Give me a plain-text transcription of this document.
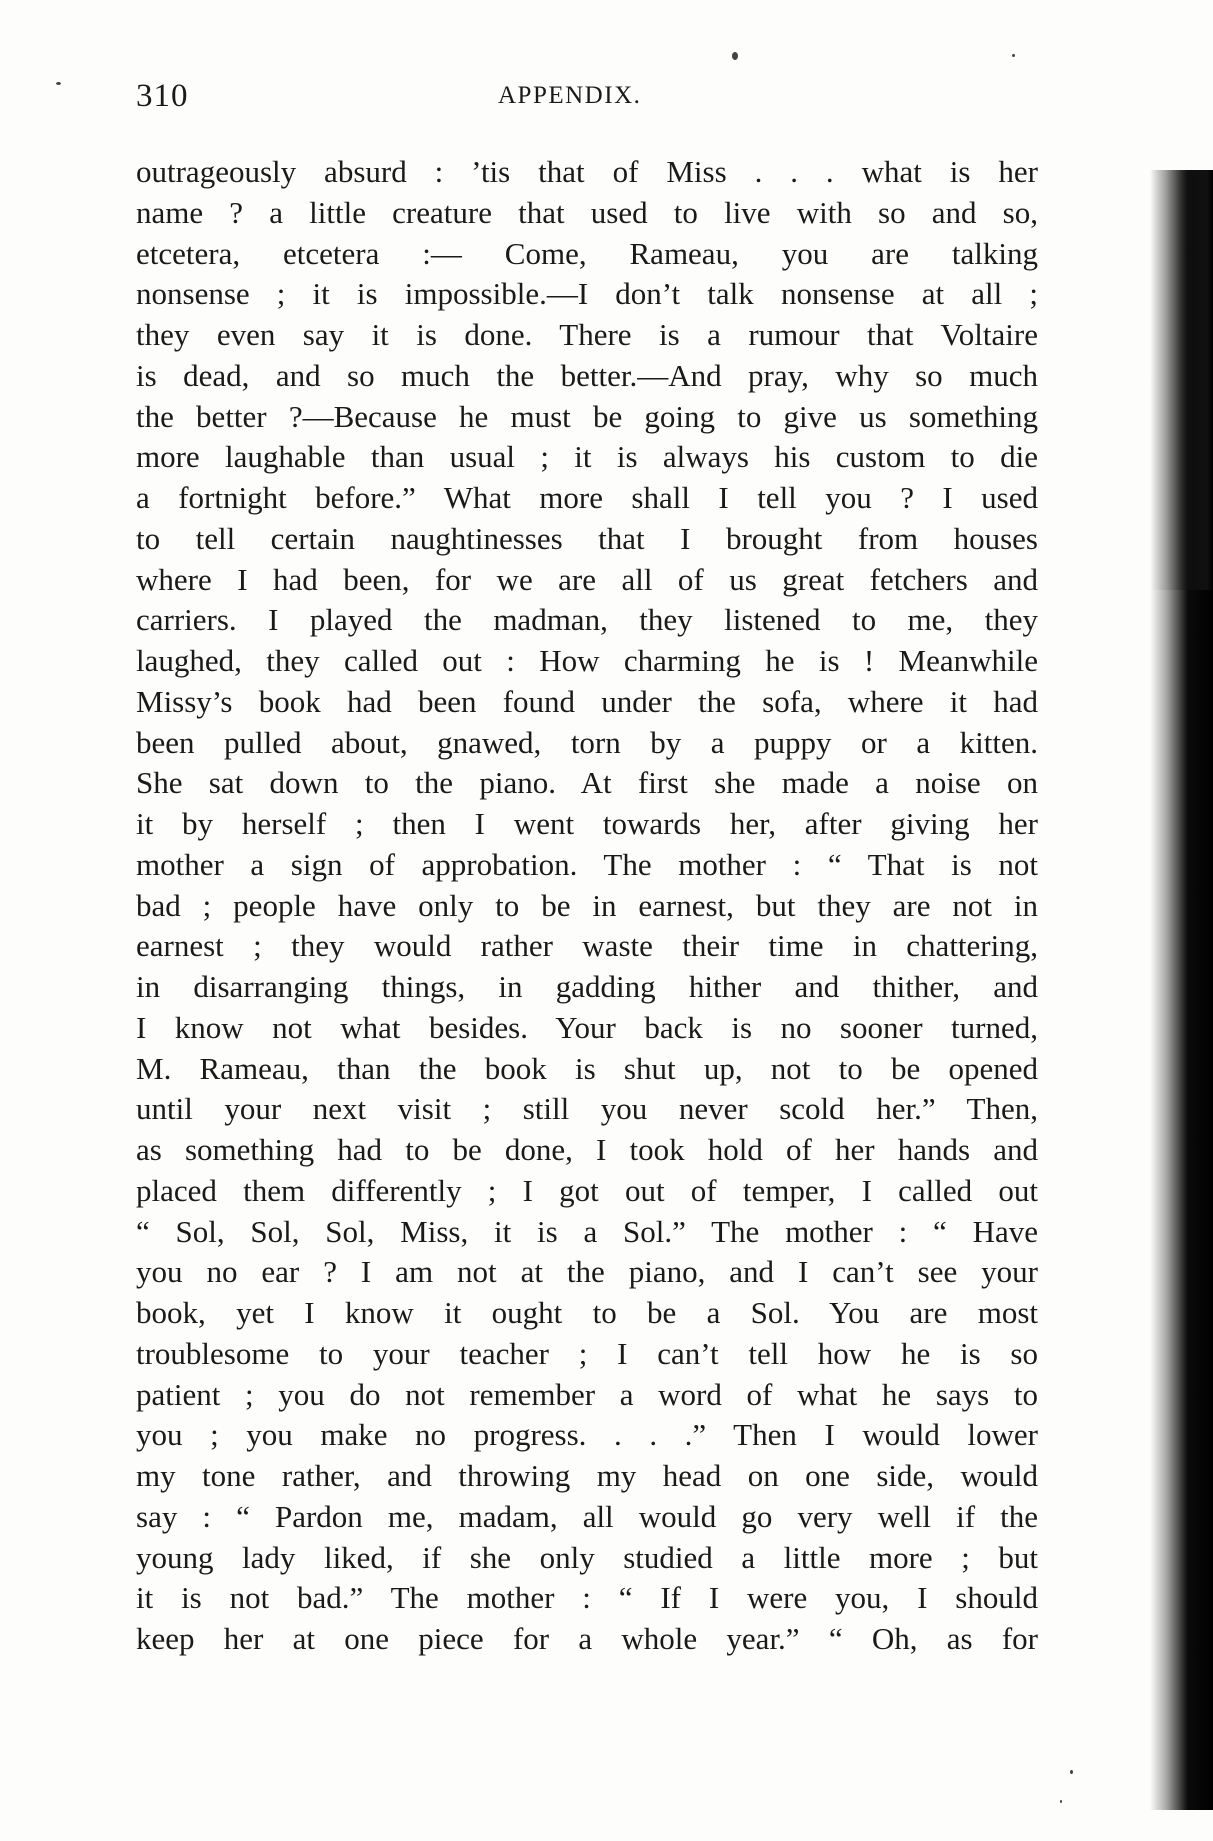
310	APPENDIX.
outrageously absurd : ’tis that of Miss . . . what is her
name ? a little creature that used to live with so and so,
etcetera, etcetera :— Come, Rameau, you are talking
nonsense ; it is impossible.—I don’t talk nonsense at all ;
they even say it is done. There is a rumour that Voltaire
is dead, and so much the better.—And pray, why so much
the better ?—Because he must be going to give us something
more laughable than usual ; it is always his custom to die
a fortnight before.” What more shall I tell you ? I used
to tell certain naughtinesses that I brought from houses
where I had been, for we are all of us great fetchers and
carriers. I played the madman, they listened to me, they
laughed, they called out : How charming he is ! Meanwhile
Missy’s book had been found under the sofa, where it had
been pulled about, gnawed, torn by a puppy or a kitten.
She sat down to the piano. At first she made a noise on
it by herself ; then I went towards her, after giving her
mother a sign of approbation. The mother : “ That is not
bad ; people have only to be in earnest, but they are not in
earnest ; they would rather waste their time in chattering,
in disarranging things, in gadding hither and thither, and
I know not what besides. Your back is no sooner turned,
M. Rameau, than the book is shut up, not to be opened
until your next visit ; still you never scold her.” Then,
as something had to be done, I took hold of her hands and
placed them differently ; I got out of temper, I called out
“ Sol, Sol, Sol, Miss, it is a Sol.” The mother : “ Have
you no ear ? I am not at the piano, and I can’t see your
book, yet I know it ought to be a Sol. You are most
troublesome to your teacher ; I can’t tell how he is so
patient ; you do not remember a word of what he says to
you ; you make no progress. . . .” Then I would lower
my tone rather, and throwing my head on one side, would
say : “ Pardon me, madam, all would go very well if the
young lady liked, if she only studied a little more ; but
it is not bad.” The mother : “ If I were you, I should
keep her at one piece for a whole year.” “ Oh, as for
